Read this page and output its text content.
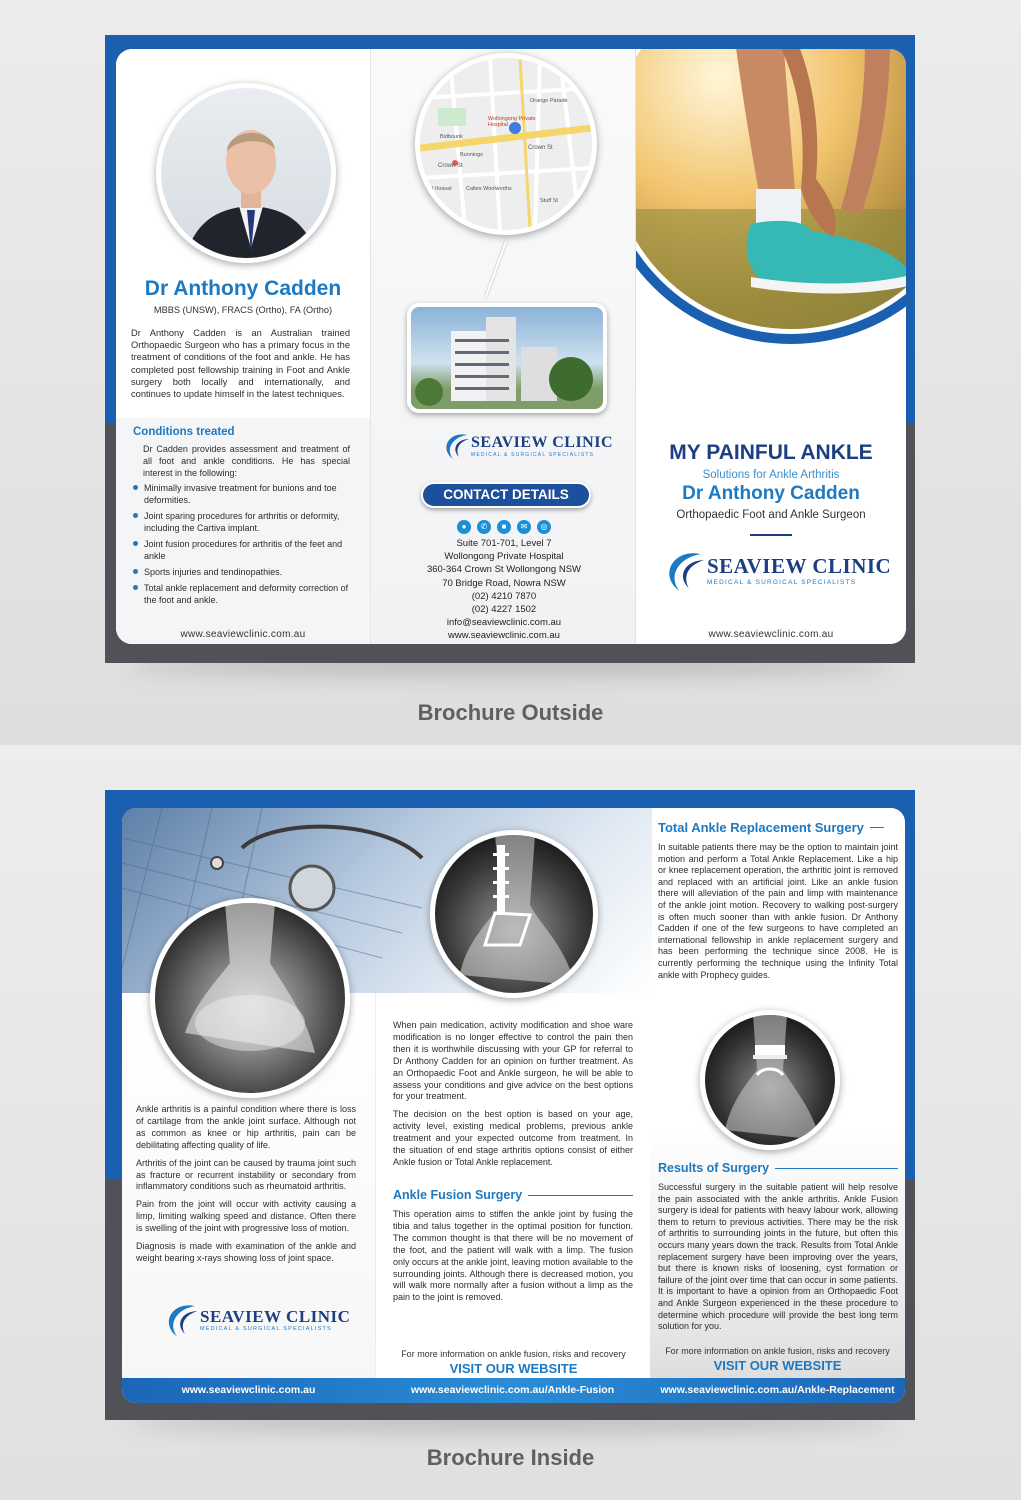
Dr Anthony Cadden
MBBS (UNSW), FRACS (Ortho), FA (Ortho)
Dr Anthony Cadden is an Australian trained Orthopaedic Surgeon who has a primary focus in the treatment of conditions of the foot and ankle. He has completed post fellowship training in Foot and Ankle surgery both locally and internationally, and continues to update himself in the latest techniques.
Conditions treated
Dr Cadden provides assessment and treatment of all foot and ankle conditions. He has special interest in the following:
Minimally invasive treatment for bunions and toe deformities.
Joint sparing procedures for arthritis or deformity, including the Cartiva implant.
Joint fusion procedures for arthritis of the feet and ankle
Sports injuries and tendinopathies.
Total ankle replacement and deformity correction of the foot and ankle.
www.seaviewclinic.com.au
Crown St
Crown St
Wollongong Private Hospital
Bunnings
Caltex Woolworths
I Ihraval
Bidbounk
Orange Parade
Stuff St
SEAVIEW CLINIC
MEDICAL & SURGICAL SPECIALISTS
CONTACT DETAILS
● ✆ ■ ✉ ◎
Suite 701-701, Level 7
Wollongong Private Hospital
360-364 Crown St Wollongong NSW
70 Bridge Road, Nowra NSW
(02) 4210 7870
(02) 4227 1502
info@seaviewclinic.com.au
www.seaviewclinic.com.au
MY PAINFUL ANKLE
Solutions for Ankle Arthritis
Dr Anthony Cadden
Orthopaedic Foot and Ankle Surgeon
SEAVIEW CLINIC
MEDICAL & SURGICAL SPECIALISTS
www.seaviewclinic.com.au
Brochure Outside

Ankle arthritis is a painful condition where there is loss of cartilage from the ankle joint surface. Although not as common as knee or hip arthritis, pain can be debilitating affecting quality of life.

Arthritis of the joint can be caused by trauma joint such as fracture or recurrent instability or secondary from inflammatory conditions such as rheumatoid arthritis.

Pain from the joint will occur with activity causing a limp, limiting walking speed and distance. Often there is swelling of the joint with progressive loss of motion.

Diagnosis is made with examination of the ankle and weight bearing x-rays showing loss of joint space.

SEAVIEW CLINIC
MEDICAL & SURGICAL SPECIALISTS

When pain medication, activity modification and shoe ware modification is no longer effective to control the pain then then it is worthwhile discussing with your GP for referral to Dr Anthony Cadden for an opinion on further treatment. As an Orthopaedic Foot and Ankle surgeon, he will be able to assess your conditions and give advice on the best options for your treatment.

The decision on the best option is based on your age, activity level, existing medical problems, previous ankle treatment and your expected outcome from treatment. In the situation of end stage arthritis options consist of either Ankle fusion or Total Ankle replacement.

Ankle Fusion Surgery
This operation aims to stiffen the ankle joint by fusing the tibia and talus together in the optimal position for function. The common thought is that there will be no movement of the foot, and the patient will walk with a limp. The fusion only occurs at the ankle joint, leaving motion available to the surrounding joints. Although there is decreased motion, you will walk more normally after a fusion without a limp as the pain to the joint is removed.
For more information on ankle fusion, risks and recovery
VISIT OUR WEBSITE
Total Ankle Replacement Surgery
In suitable patients there may be the option to maintain joint motion and perform a Total Ankle Replacement. Like a hip or knee replacement operation, the arthritic joint is removed and replaced with an artificial joint. Like an ankle fusion there will alleviation of the pain and limp with maintenance of the ankle joint motion. Recovery to walking post-surgery is often much sooner than with ankle fusion. Dr Anthony Cadden if one of the few surgeons to have completed an international fellowship in ankle replacement surgery and has been performing the technique since 2008. He is currently performing the technique using the Infinity Total ankle with Prophecy guides.
Results of Surgery
Successful surgery in the suitable patient will help resolve the pain associated with the ankle arthritis. Ankle Fusion surgery is ideal for patients with heavy labour work, allowing them to return to previous activities. There may be the risk of arthritis to surrounding joints in the future, but often this occurs many years down the track. Results from Total Ankle replacement surgery have been improving over the years, but there is known risks of loosening, cyst formation or failure of the joint over time that can occur in some patients. It is important to have a opinion from an Orthopaedic Foot and Ankle Surgeon experienced in the these procedure to determine which procedure will provide the best long term solution for you.
For more information on ankle fusion, risks and recovery
VISIT OUR WEBSITE
www.seaviewclinic.com.au	www.seaviewclinic.com.au/Ankle-Fusion	www.seaviewclinic.com.au/Ankle-Replacement
Brochure Inside
